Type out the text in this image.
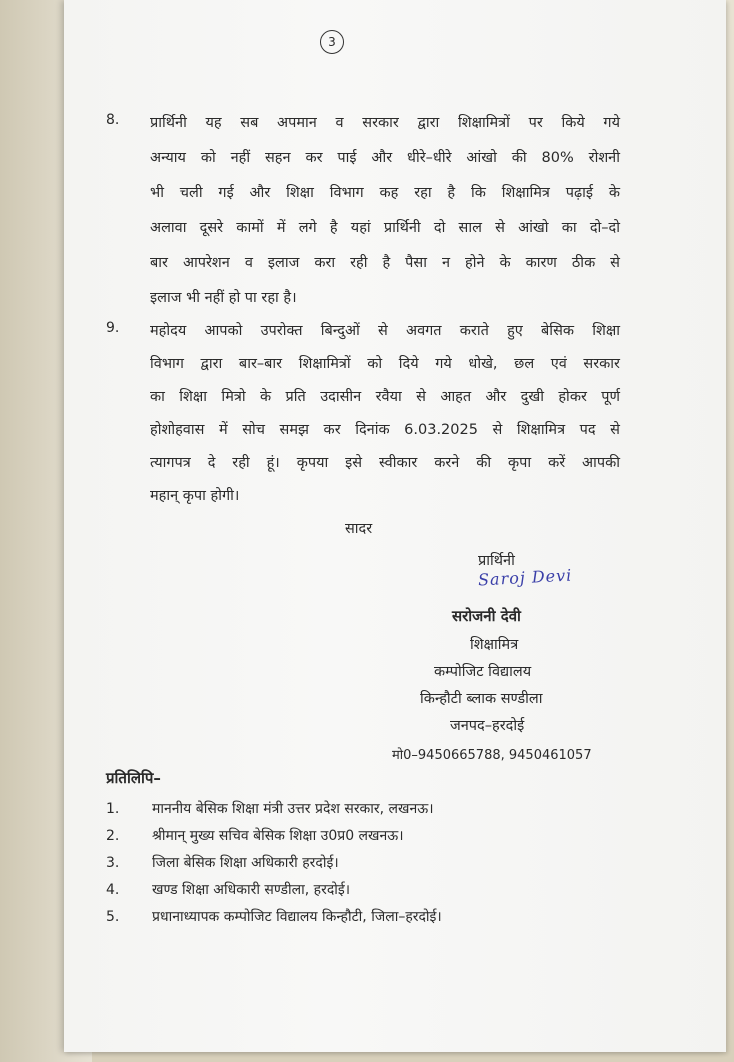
3
8. प्रार्थिनी यह सब अपमान व सरकार द्वारा शिक्षामित्रों पर किये गये
अन्याय को नहीं सहन कर पाई और धीरे–धीरे आंखो की 80% रोशनी
भी चली गई और शिक्षा विभाग कह रहा है कि शिक्षामित्र पढ़ाई के
अलावा दूसरे कामों में लगे है यहां प्रार्थिनी दो साल से आंखो का दो–दो
बार आपरेशन व इलाज करा रही है पैसा न होने के कारण ठीक से
इलाज भी नहीं हो पा रहा है।
9. महोदय आपको उपरोक्त बिन्दुओं से अवगत कराते हुए बेसिक शिक्षा
विभाग द्वारा बार–बार शिक्षामित्रों को दिये गये धोखे, छल एवं सरकार
का शिक्षा मित्रो के प्रति उदासीन रवैया से आहत और दुखी होकर पूर्ण
होशोहवास में सोच समझ कर दिनांक 6.03.2025 से शिक्षामित्र पद से
त्यागपत्र दे रही हूं। कृपया इसे स्वीकार करने की कृपा करें आपकी
महान् कृपा होगी।
सादर
प्रार्थिनी
Saroj Devi
सरोजनी देवी
शिक्षामित्र
कम्पोजिट विद्यालय
किन्हौटी ब्लाक सण्डीला
जनपद–हरदोई
मो0–9450665788, 9450461057
प्रतिलिपि–
1. माननीय बेसिक शिक्षा मंत्री उत्तर प्रदेश सरकार, लखनऊ।
2. श्रीमान् मुख्य सचिव बेसिक शिक्षा उ0प्र0 लखनऊ।
3. जिला बेसिक शिक्षा अधिकारी हरदोई।
4. खण्ड शिक्षा अधिकारी सण्डीला, हरदोई।
5. प्रधानाध्यापक कम्पोजिट विद्यालय किन्हौटी, जिला–हरदोई।
